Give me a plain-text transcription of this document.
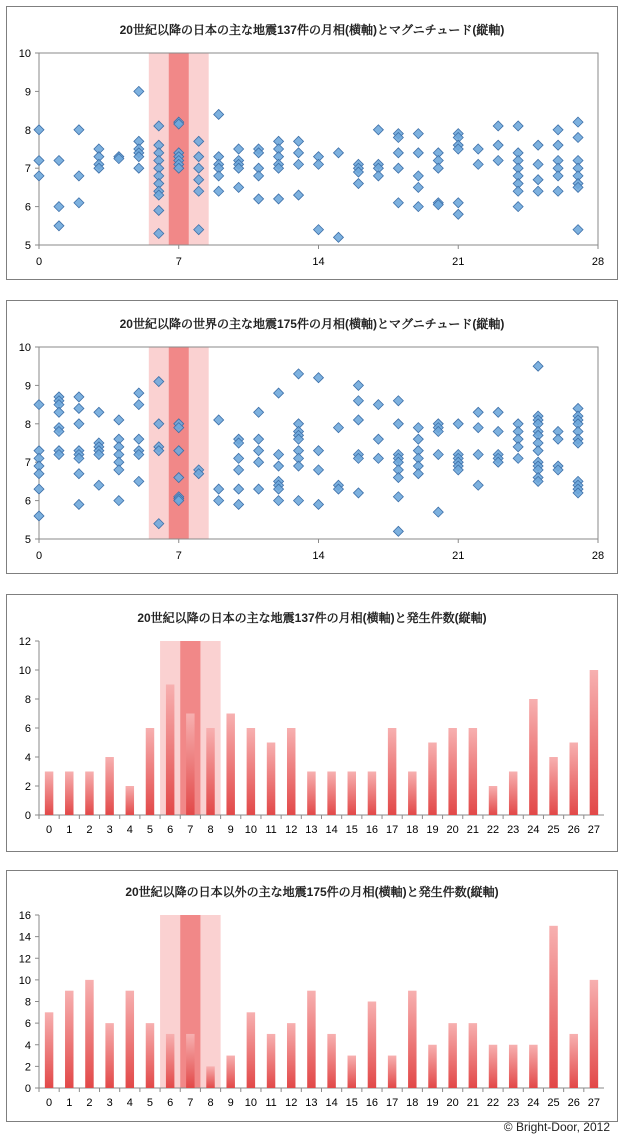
20世紀以降の日本の主な地震137件の月相(横軸)とマグニチュード(縦軸)
5
6
7
8
9
10
0	7	14	21	28
20世紀以降の世界の主な地震175件の月相(横軸)とマグニチュード(縦軸)
5
6
7
8
9
10
0	7	14	21	28
20世紀以降の日本の主な地震137件の月相(横軸)と発生件数(縦軸)
0
2
4
6
8
10
12
0 1 2 3 4 5 6 7 8 9 10 11 12 13 14 15 16 17 18 19 20 21 22 23 24 25 26 27
20世紀以降の日本以外の主な地震175件の月相(横軸)と発生件数(縦軸)
0
2
4
6
8
10
12
14
16
0 1 2 3 4 5 6 7 8 9 10 11 12 13 14 15 16 17 18 19 20 21 22 23 24 25 26 27
© Bright-Door, 2012
